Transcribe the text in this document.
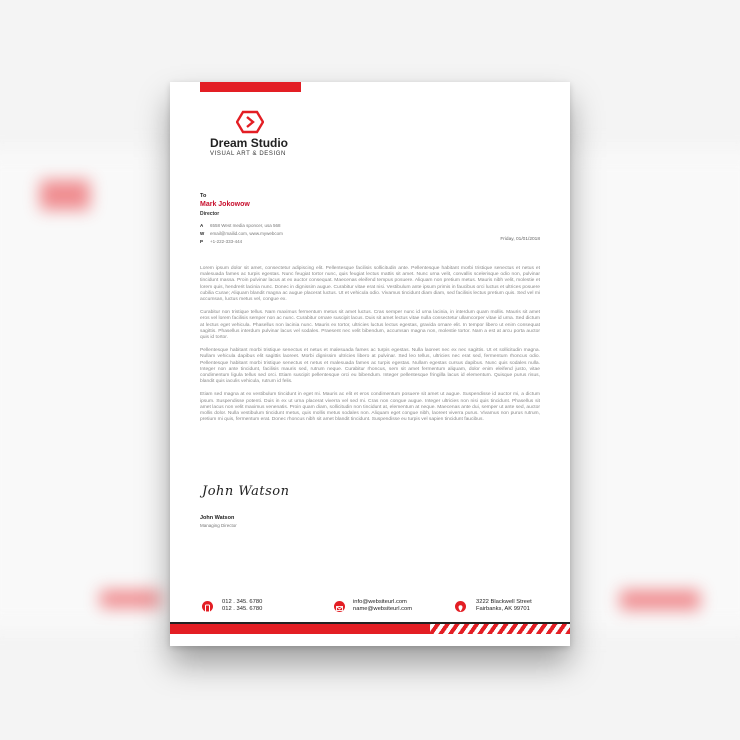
Dream Studio
VISUAL ART & DESIGN
To
Mark Jokowow
Director
A 6558 West media sponcer, usa 568
W email@mailid.com, www.mywebcom
P +1-222-333-444	Friday, 01/01/2018

Lorem ipsum dolor sit amet, consectetur adipiscing elit. Pellentesque facilisis sollicitudin ante. Pellentesque habitant morbi tristique senectus et netus et malesuada fames ac turpis egestas. Nunc feugiat tortor nunc, quis feugiat lectus mattis sit amet. Nunc urna velit, convallis scelerisque odio non, pulvinar tincidunt massa. Proin pulvinar lacus at ex auctor consequat. Maecenas eleifend tempus posuere. Aliquam non pretium metus. Mauris nibh velit, molestie et lorem quis, hendrerit lacinia nunc. Donec in dignissim augue. Curabitur vitae erat nisi. Vestibulum ante ipsum primis in faucibus orci luctus et ultrices posuere cubilia Curae; Aliquam blandit magna ac augue placerat luctus. Ut et vehicula odio. Vivamus tincidunt diam diam, sed facilisis lectus pretium quis. Sed vel mi accumsan, luctus metus vel, congue ex.

Curabitur non tristique tellus. Nam maximus fermentum metus sit amet luctus. Cras semper nunc id urna lacinia, in interdum quam mollis. Mauris sit amet eros vel lorem facilisis semper non ac nunc. Curabitur ornare suscipit lacus. Duis sit amet lectus vitae nulla consectetur ullamcorper vitae id urna. Sed dictum at lectus eget vehicula. Phasellus non lacinia nunc. Mauris ex tortor, ultricies luctus lectus egestas, gravida ornare elit. In tempor libero ut enim consequat sagittis. Phasellus interdum pulvinar lacus vel sodales. Praesent nec velit bibendum, accumsan magna non, molestie tortor. Nam a est at arcu porta auctor quis id tortor.

Pellentesque habitant morbi tristique senectus et netus et malesuada fames ac turpis egestas. Nulla laoreet nec ex nec sagittis. Ut et sollicitudin magna. Nullam vehicula dapibus elit sagittis laoreet. Morbi dignissim ultricies libero at pulvinar. Sed leo tellus, ultricies nec erat sed, fermentum rhoncus odio. Pellentesque habitant morbi tristique senectus et netus et malesuada fames ac turpis egestas. Nullam egestas cursus dapibus. Nunc quis sodales nulla. Integer non ante tincidunt, facilisis mauris sed, rutrum neque. Curabitur rhoncus, sem sit amet fermentum aliquam, dolor enim eleifend justo, vitae condimentum ligula tellus sed orci. Etiam suscipit pellentesque orci eu bibendum. Integer pellentesque fringilla lacus id elementum. Quisque purus risus, blandit quis iaculis vehicula, rutrum id felis.

Etiam sed magna at ex vestibulum tincidunt in eget mi. Mauris ac elit et eros condimentum posuere sit amet ut augue. Suspendisse id auctor mi, a dictum ipsum. Suspendisse potenti. Duis in ex ut urna placerat viverra vel sed mi. Cras non congue augue. Integer ultricies non nisi quis tincidunt. Phasellus sit amet lacus non velit maximus venenatis. Proin quam diam, sollicitudin non tincidunt at, elementum at neque. Maecenas ante dui, semper ut ante sed, auctor mollis dolor. Nulla vestibulum tincidunt metus, quis mollis metus sodales non. Aliquam eget congue nibh, laoreet viverra purus. Vivamus non purus rutrum, pretium mi quis, fermentum erat. Donec rhoncus nibh sit amet blandit tincidunt. Suspendisse eu turpis vel sapien tincidunt faucibus.

John Watson
John Watson
Managing Director
012 . 345. 6780
012 . 345. 6780
info@websiteurl.com
name@websiteurl.com
3222 Blackwell Street
Fairbanks, AK 99701
